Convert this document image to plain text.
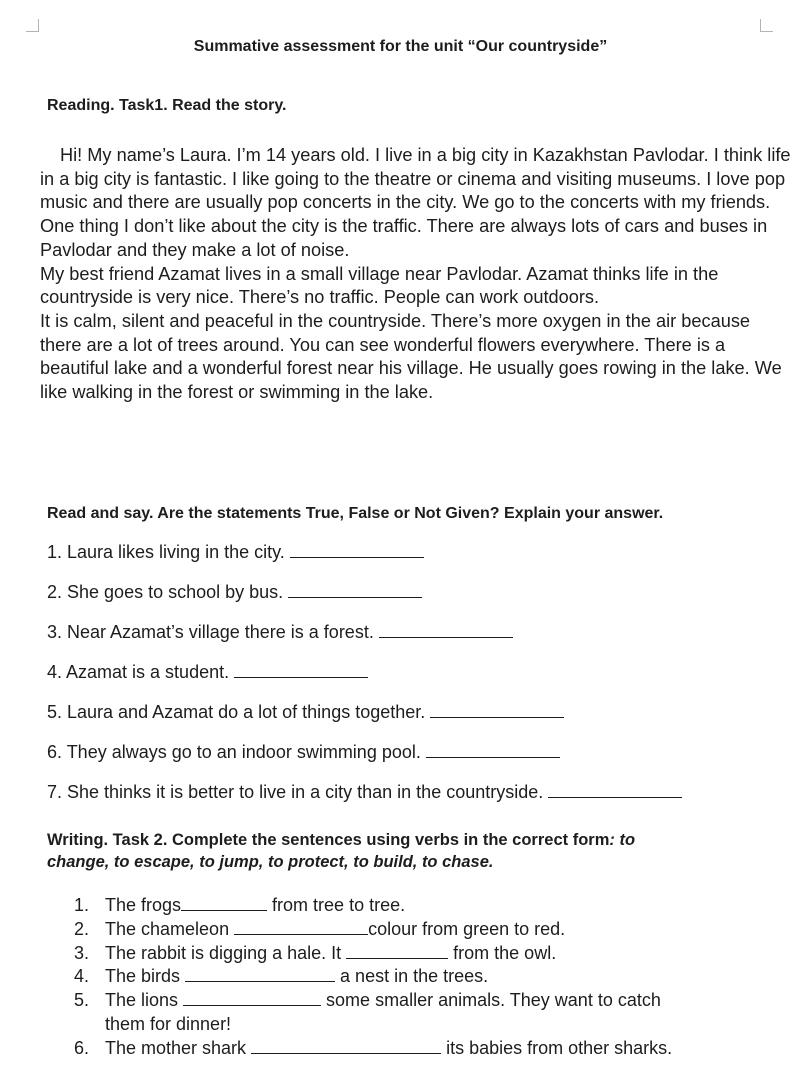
Summative assessment for the unit “Our countryside”
Reading. Task1. Read the story.

Hi! My name’s Laura. I’m 14 years old. I live in a big city in Kazakhstan Pavlodar. I think life in a big city is fantastic. I like going to the theatre or cinema and visiting museums. I love pop music and there are usually pop concerts in the city. We go to the concerts with my friends.

One thing I don’t like about the city is the traffic. There are always lots of cars and buses in Pavlodar and they make a lot of noise.

My best friend Azamat lives in a small village near Pavlodar. Azamat thinks life in the countryside is very nice. There’s no traffic. People can work outdoors.

It is calm, silent and peaceful in the countryside. There’s more oxygen in the air because there are a lot of trees around. You can see wonderful flowers everywhere. There is a beautiful lake and a wonderful forest near his village. He usually goes rowing in the lake. We like walking in the forest or swimming in the lake.

Read and say. Are the statements True, False or Not Given? Explain your answer.
1. Laura likes living in the city.
2. She goes to school by bus.
3. Near Azamat’s village there is a forest.
4. Azamat is a student.
5. Laura and Azamat do a lot of things together.
6. They always go to an indoor swimming pool.
7. She thinks it is better to live in a city than in the countryside.
Writing. Task 2. Complete the sentences using verbs in the correct form: to
change, to escape, to jump, to protect, to build, to chase.
1. The frogs	from tree to tree.
2. The chameleon	colour from green to red.
3. The rabbit is digging a hale. It	from the owl.
4. The birds	a nest in the trees.
5. The lions	some smaller animals. They want to catch
them for dinner!
6. The mother shark	its babies from other sharks.
